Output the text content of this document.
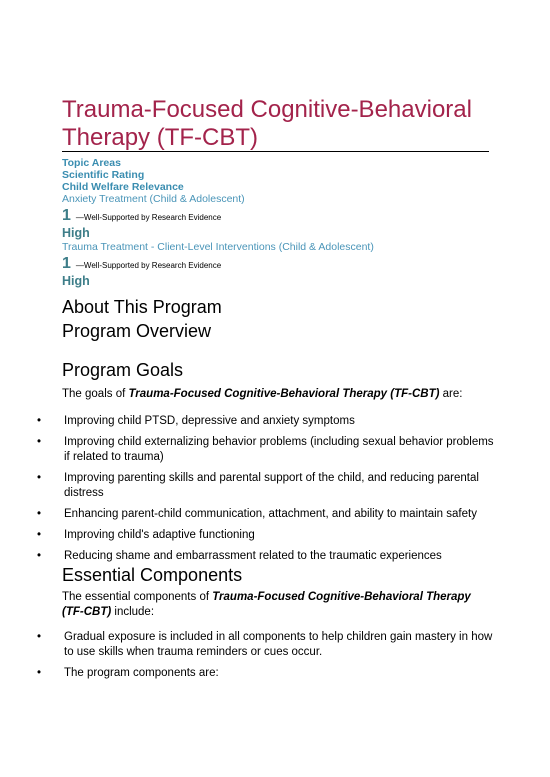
Trauma-Focused Cognitive-Behavioral Therapy (TF-CBT)

Topic Areas

Scientific Rating

Child Welfare Relevance

Anxiety Treatment (Child & Adolescent)

1 —Well-Supported by Research Evidence
High

Trauma Treatment - Client-Level Interventions (Child & Adolescent)

1 —Well-Supported by Research Evidence
High
About This Program
Program Overview
Program Goals

The goals of Trauma-Focused Cognitive-Behavioral Therapy (TF-CBT) are:

• Improving child PTSD, depressive and anxiety symptoms
• Improving child externalizing behavior problems (including sexual behavior problems if related to trauma)
• Improving parenting skills and parental support of the child, and reducing parental distress
• Enhancing parent-child communication, attachment, and ability to maintain safety
• Improving child's adaptive functioning
• Reducing shame and embarrassment related to the traumatic experiences
Essential Components

The essential components of Trauma-Focused Cognitive-Behavioral Therapy (TF-CBT) include:

• Gradual exposure is included in all components to help children gain mastery in how to use skills when trauma reminders or cues occur.
• The program components are:
